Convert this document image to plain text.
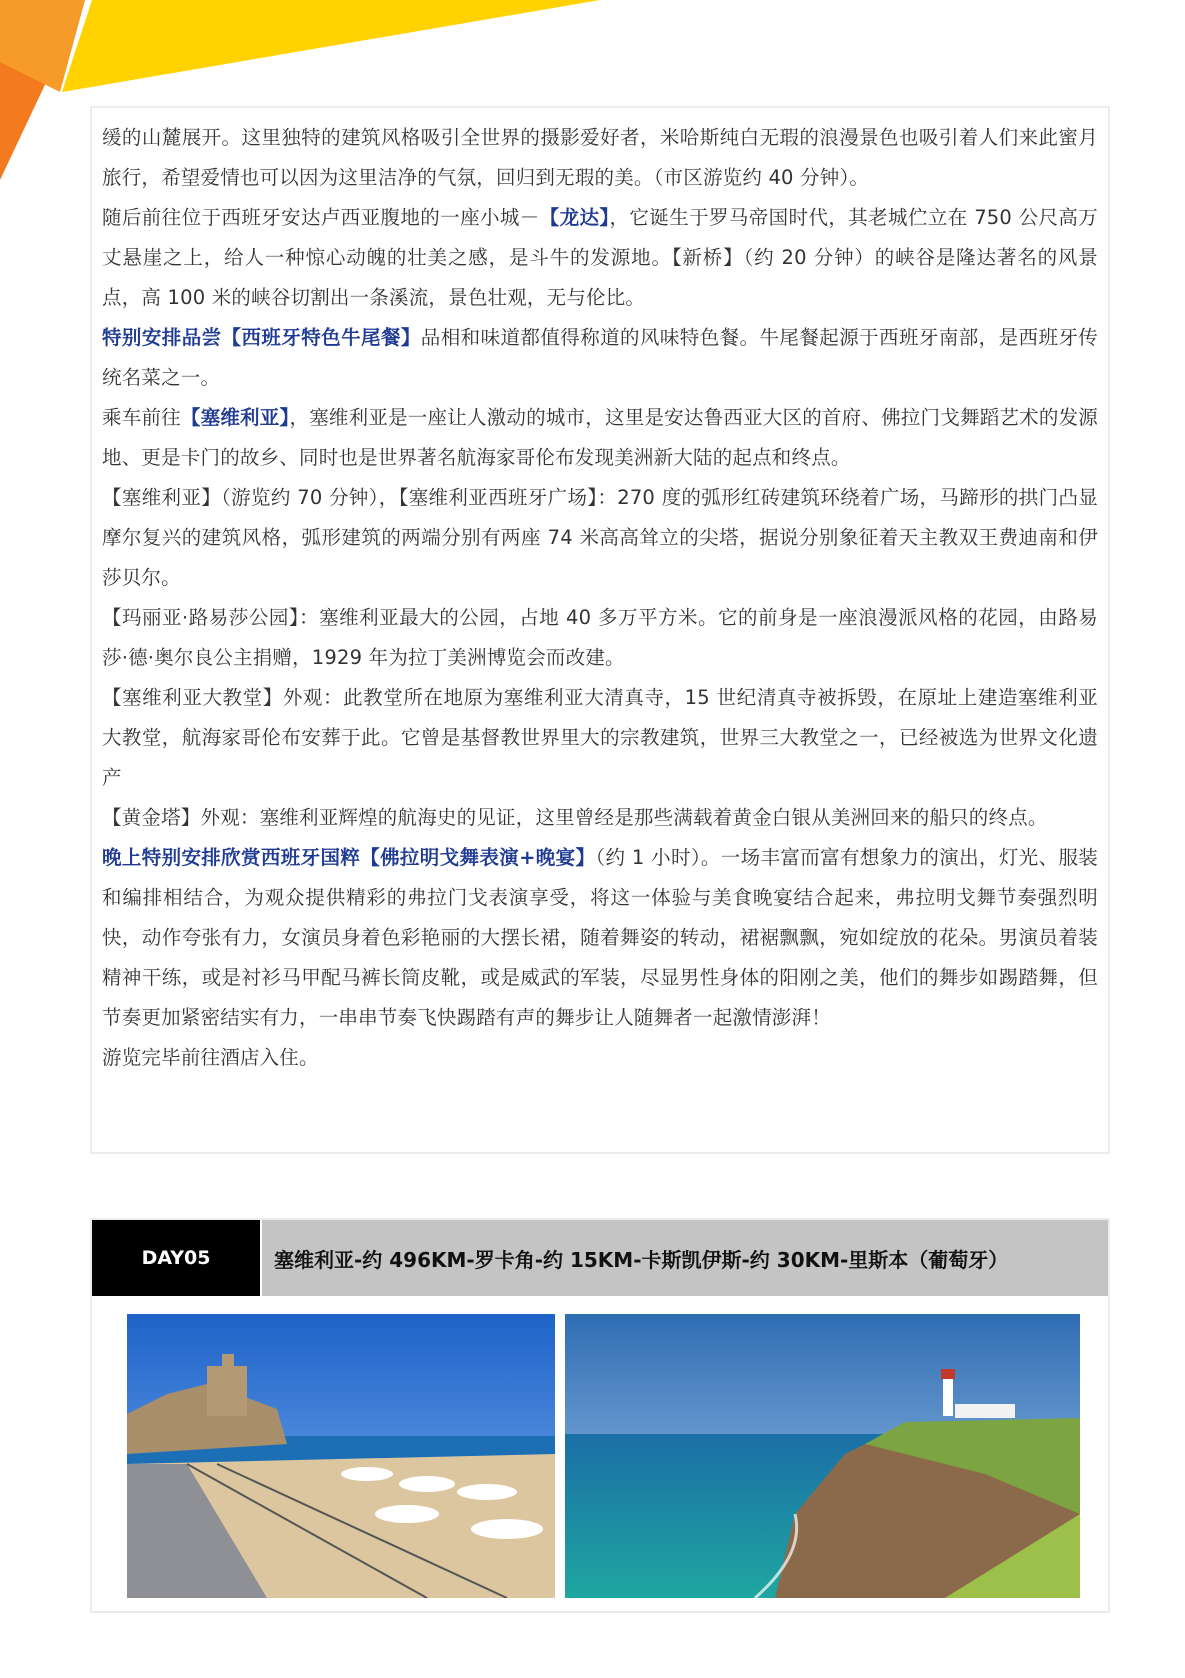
缓的山麓展开。这里独特的建筑风格吸引全世界的摄影爱好者，米哈斯纯白无瑕的浪漫景色也吸引着人们来此蜜月旅行，希望爱情也可以因为这里洁净的气氛，回归到无瑕的美。（市区游览约 40 分钟）。

随后前往位于西班牙安达卢西亚腹地的一座小城－【龙达】，它诞生于罗马帝国时代，其老城伫立在 750 公尺高万丈悬崖之上，给人一种惊心动魄的壮美之感，是斗牛的发源地。【新桥】（约 20 分钟）的峡谷是隆达著名的风景点，高 100 米的峡谷切割出一条溪流，景色壮观，无与伦比。

特别安排品尝【西班牙特色牛尾餐】品相和味道都值得称道的风味特色餐。牛尾餐起源于西班牙南部，是西班牙传统名菜之一。

乘车前往【塞维利亚】，塞维利亚是一座让人激动的城市，这里是安达鲁西亚大区的首府、佛拉门戈舞蹈艺术的发源地、更是卡门的故乡、同时也是世界著名航海家哥伦布发现美洲新大陆的起点和终点。

【塞维利亚】（游览约 70 分钟），【塞维利亚西班牙广场】：270 度的弧形红砖建筑环绕着广场，马蹄形的拱门凸显摩尔复兴的建筑风格，弧形建筑的两端分别有两座 74 米高高耸立的尖塔，据说分别象征着天主教双王费迪南和伊莎贝尔。

【玛丽亚·路易莎公园】：塞维利亚最大的公园，占地 40 多万平方米。它的前身是一座浪漫派风格的花园，由路易莎·德·奥尔良公主捐赠，1929 年为拉丁美洲博览会而改建。

【塞维利亚大教堂】外观：此教堂所在地原为塞维利亚大清真寺，15 世纪清真寺被拆毁，在原址上建造塞维利亚大教堂，航海家哥伦布安葬于此。它曾是基督教世界里大的宗教建筑，世界三大教堂之一，已经被选为世界文化遗产

【黄金塔】外观：塞维利亚辉煌的航海史的见证，这里曾经是那些满载着黄金白银从美洲回来的船只的终点。

晚上特别安排欣赏西班牙国粹【佛拉明戈舞表演+晚宴】（约 1 小时）。一场丰富而富有想象力的演出，灯光、服装和编排相结合，为观众提供精彩的弗拉门戈表演享受，将这一体验与美食晚宴结合起来，弗拉明戈舞节奏强烈明快，动作夸张有力，女演员身着色彩艳丽的大摆长裙，随着舞姿的转动，裙裾飘飘，宛如绽放的花朵。男演员着装精神干练，或是衬衫马甲配马裤长筒皮靴，或是威武的军装，尽显男性身体的阳刚之美，他们的舞步如踢踏舞，但节奏更加紧密结实有力，一串串节奏飞快踢踏有声的舞步让人随舞者一起激情澎湃！

游览完毕前往酒店入住。

DAY05	塞维利亚-约 496KM-罗卡角-约 15KM-卡斯凯伊斯-约 30KM-里斯本（葡萄牙）
